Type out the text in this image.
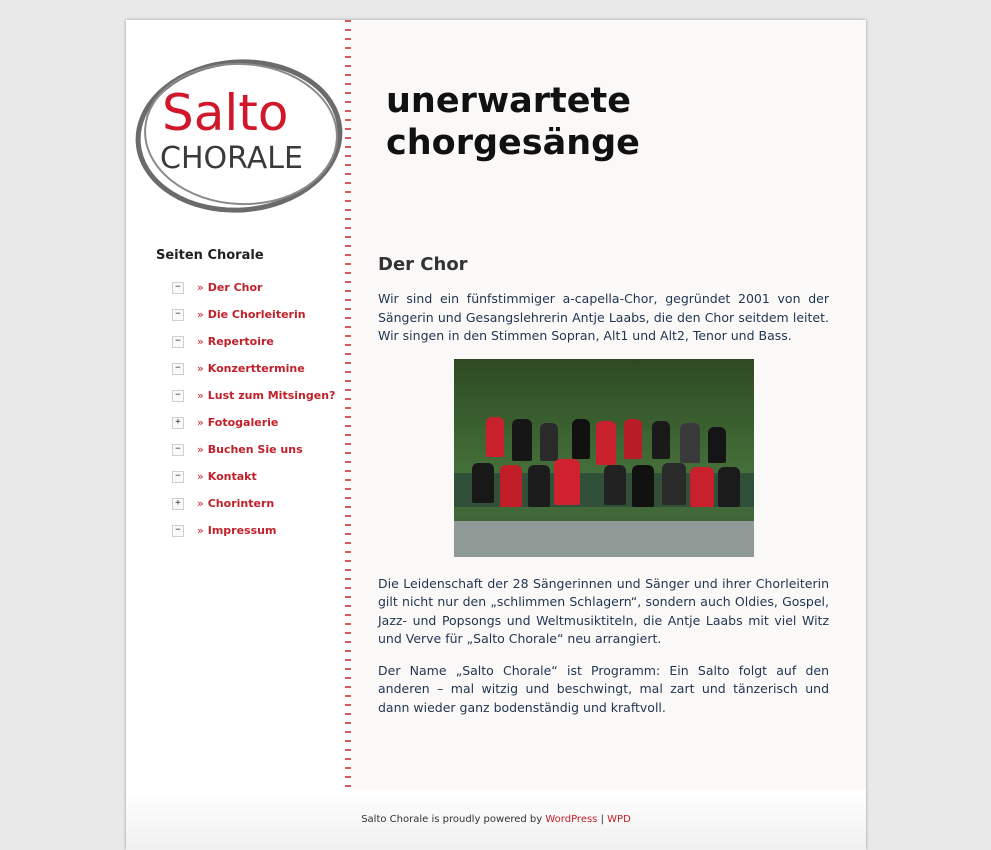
Salto
CHORALE
Seiten Chorale
− » Der Chor
− » Die Chorleiterin
− » Repertoire
− » Konzerttermine
− » Lust zum Mitsingen?
+ » Fotogalerie
− » Buchen Sie uns
− » Kontakt
+ » Chorintern
− » Impressum
Der Chor

Wir sind ein fünfstimmiger a-capella-Chor, gegründet 2001 von der Sängerin und Gesangslehrerin Antje Laabs, die den Chor seitdem leitet. Wir singen in den Stimmen Sopran, Alt1 und Alt2, Tenor und Bass.

Die Leidenschaft der 28 Sängerinnen und Sänger und ihrer Chorleiterin gilt nicht nur den „schlimmen Schlagern“, sondern auch Oldies, Gospel, Jazz- und Popsongs und Weltmusiktiteln, die Antje Laabs mit viel Witz und Verve für „Salto Chorale“ neu arrangiert.

Der Name „Salto Chorale“ ist Programm: Ein Salto folgt auf den anderen – mal witzig und beschwingt, mal zart und tänzerisch und dann wieder ganz bodenständig und kraftvoll.

unerwartete
chorgesänge
Salto Chorale is proudly powered by WordPress | WPD
